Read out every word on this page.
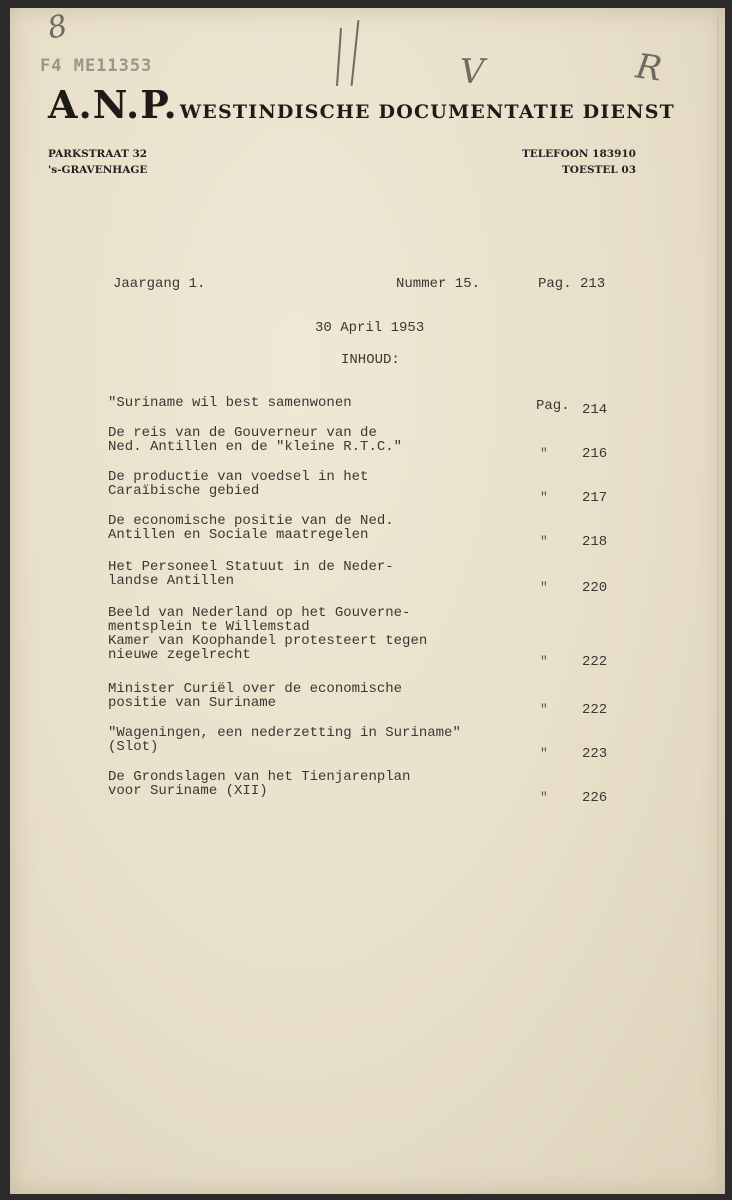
8
F4 ME11353	V	R
A.N.P. WESTINDISCHE DOCUMENTATIE DIENST
PARKSTRAAT 32
's-GRAVENHAGE
TELEFOON 183910
TOESTEL 03
Jaargang 1.	Nummer 15.	Pag. 213
30 April 1953
INHOUD:
"Suriname wil best samenwonen	Pag. 214
De reis van de Gouverneur van de
Ned. Antillen en de "kleine R.T.C."	" 216
De productie van voedsel in het
Caraïbische gebied	" 217
De economische positie van de Ned.
Antillen en Sociale maatregelen	" 218
Het Personeel Statuut in de Neder-
landse Antillen	" 220
Beeld van Nederland op het Gouverne-
mentsplein te Willemstad
Kamer van Koophandel protesteert tegen
nieuwe zegelrecht	" 222
Minister Curiël over de economische
positie van Suriname	" 222
"Wageningen, een nederzetting in Suriname"
(Slot)	" 223
De Grondslagen van het Tienjarenplan
voor Suriname (XII)	" 226
